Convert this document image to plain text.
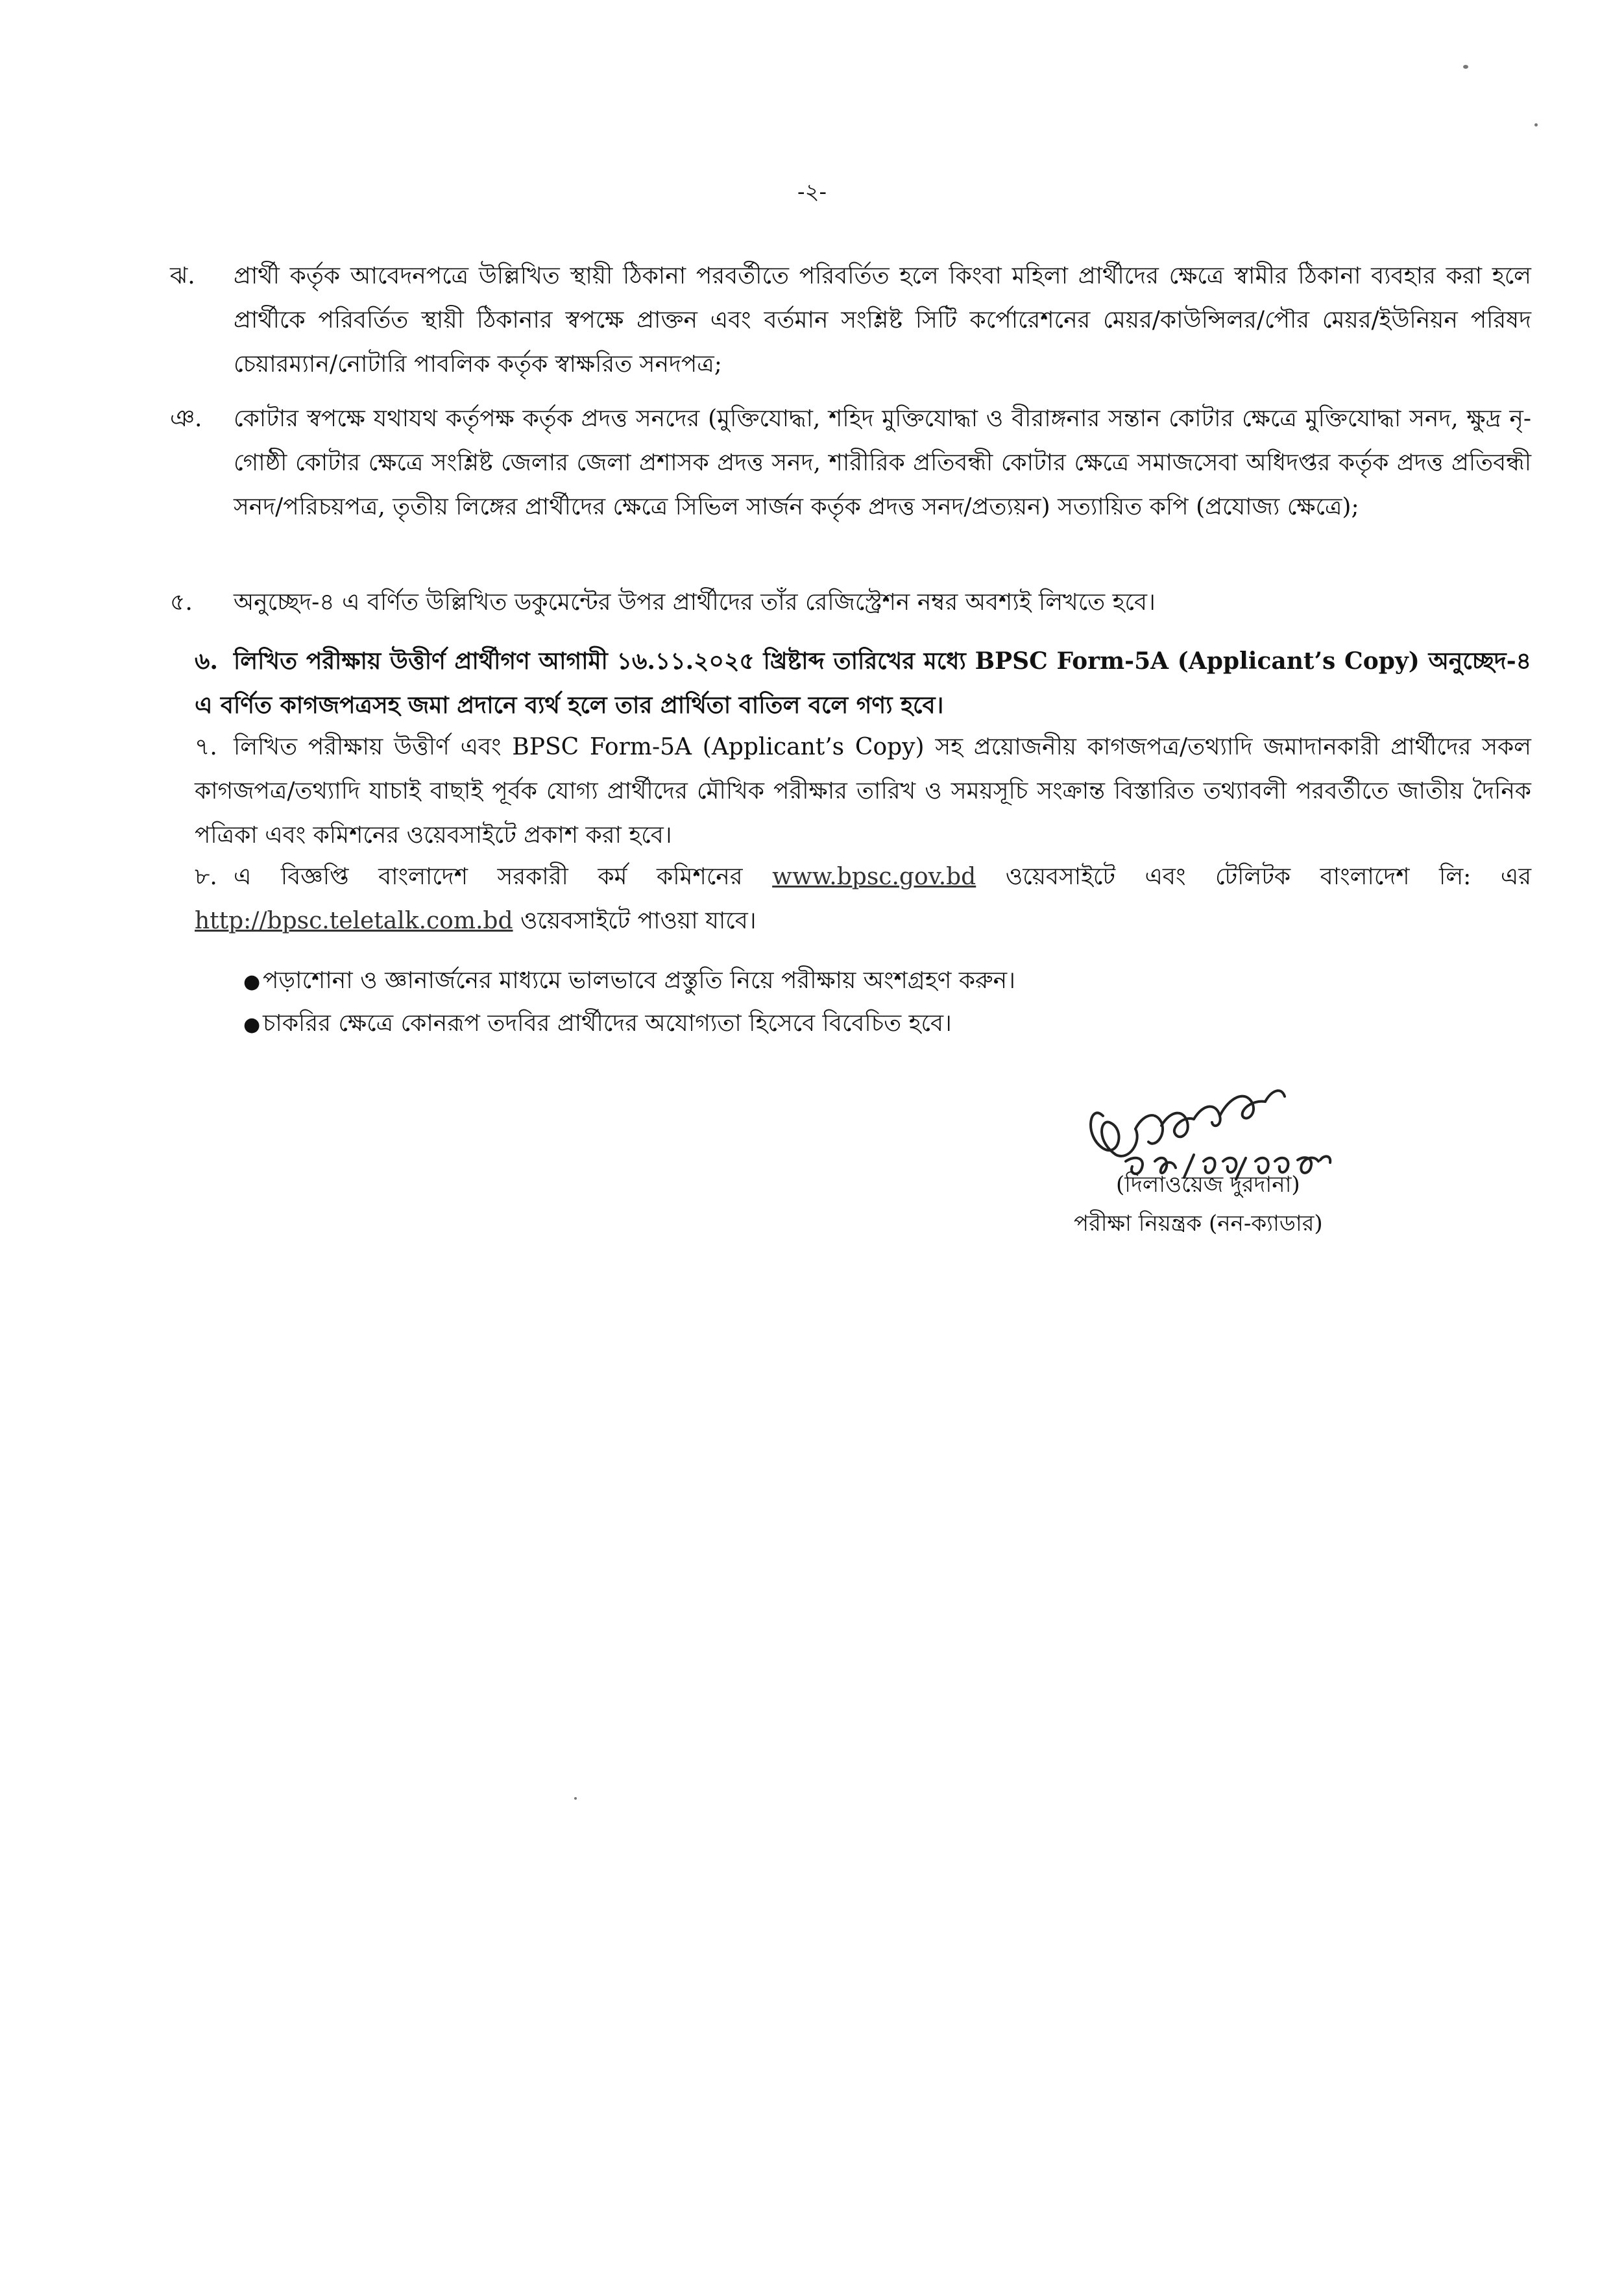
-২-
ঝ.	প্রার্থী কর্তৃক আবেদনপত্রে উল্লিখিত স্থায়ী ঠিকানা পরবর্তীতে পরিবর্তিত হলে কিংবা মহিলা প্রার্থীদের ক্ষেত্রে স্বামীর ঠিকানা ব্যবহার করা হলে প্রার্থীকে পরিবর্তিত স্থায়ী ঠিকানার স্বপক্ষে প্রাক্তন এবং বর্তমান সংশ্লিষ্ট সিটি কর্পোরেশনের মেয়র/কাউন্সিলর/পৌর মেয়র/ইউনিয়ন পরিষদ চেয়ারম্যান/নোটারি পাবলিক কর্তৃক স্বাক্ষরিত সনদপত্র;
ঞ.	কোটার স্বপক্ষে যথাযথ কর্তৃপক্ষ কর্তৃক প্রদত্ত সনদের (মুক্তিযোদ্ধা, শহিদ মুক্তিযোদ্ধা ও বীরাঙ্গনার সন্তান কোটার ক্ষেত্রে মুক্তিযোদ্ধা সনদ, ক্ষুদ্র নৃ-গোষ্ঠী কোটার ক্ষেত্রে সংশ্লিষ্ট জেলার জেলা প্রশাসক প্রদত্ত সনদ, শারীরিক প্রতিবন্ধী কোটার ক্ষেত্রে সমাজসেবা অধিদপ্তর কর্তৃক প্রদত্ত প্রতিবন্ধী সনদ/পরিচয়পত্র, তৃতীয় লিঙ্গের প্রার্থীদের ক্ষেত্রে সিভিল সার্জন কর্তৃক প্রদত্ত সনদ/প্রত্যয়ন) সত্যায়িত কপি (প্রযোজ্য ক্ষেত্রে);
৫.	অনুচ্ছেদ-৪ এ বর্ণিত উল্লিখিত ডকুমেন্টের উপর প্রার্থীদের তাঁর রেজিস্ট্রেশন নম্বর অবশ্যই লিখতে হবে।
৬. লিখিত পরীক্ষায় উত্তীর্ণ প্রার্থীগণ আগামী ১৬.১১.২০২৫ খ্রিষ্টাব্দ তারিখের মধ্যে BPSC Form-5A (Applicant’s Copy) অনুচ্ছেদ-৪ এ বর্ণিত কাগজপত্রসহ জমা প্রদানে ব্যর্থ হলে তার প্রার্থিতা বাতিল বলে গণ্য হবে।
৭. লিখিত পরীক্ষায় উত্তীর্ণ এবং BPSC Form-5A (Applicant’s Copy) সহ প্রয়োজনীয় কাগজপত্র/তথ্যাদি জমাদানকারী প্রার্থীদের সকল কাগজপত্র/তথ্যাদি যাচাই বাছাই পূর্বক যোগ্য প্রার্থীদের মৌখিক পরীক্ষার তারিখ ও সময়সূচি সংক্রান্ত বিস্তারিত তথ্যাবলী পরবর্তীতে জাতীয় দৈনিক পত্রিকা এবং কমিশনের ওয়েবসাইটে প্রকাশ করা হবে।
৮. এ বিজ্ঞপ্তি বাংলাদেশ সরকারী কর্ম কমিশনের www.bpsc.gov.bd ওয়েবসাইটে এবং টেলিটক বাংলাদেশ লি: এর http://bpsc.teletalk.com.bd ওয়েবসাইটে পাওয়া যাবে।
● পড়াশোনা ও জ্ঞানার্জনের মাধ্যমে ভালভাবে প্রস্তুতি নিয়ে পরীক্ষায় অংশগ্রহণ করুন।
● চাকরির ক্ষেত্রে কোনরূপ তদবির প্রার্থীদের অযোগ্যতা হিসেবে বিবেচিত হবে।
(দিলাওয়েজ দুরদানা)
পরীক্ষা নিয়ন্ত্রক (নন-ক্যাডার)
